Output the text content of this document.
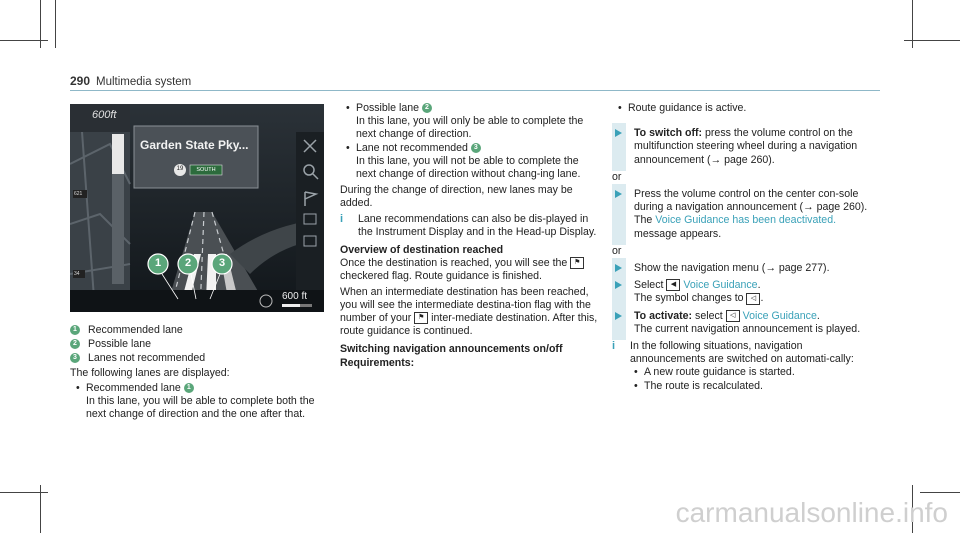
290 Multimedia system
600ft
Garden State Pky...
19	SOUTH
621
34
600 ft
1 2	3
1 Recommended lane
2 Possible lane
3 Lanes not recommended

The following lanes are displayed:

• Recommended lane 1
In this lane, you will be able to complete both the next change of direction and the one after that.
• Possible lane 2
In this lane, you will only be able to complete the next change of direction.
• Lane not recommended 3
In this lane, you will not be able to complete the next change of direction without chang-ing lane.

During the change of direction, new lanes may be added.

i Lane recommendations can also be dis-played in the Instrument Display and in the Head-up Display.
Overview of destination reached

Once the destination is reached, you will see the ⚑ checkered flag. Route guidance is finished.

When an intermediate destination has been reached, you will see the intermediate destina-tion flag with the number of your ⚑ inter-mediate destination. After this, route guidance is continued.

Switching navigation announcements on/off
Requirements:
• Route guidance is active.
To switch off: press the volume control on the multifunction steering wheel during a navigation announcement (→ page 260).

or

Press the volume control on the center con-sole during a navigation announcement (→ page 260).
The Voice Guidance has been deactivated.
message appears.

or

Show the navigation menu (→ page 277).
Select ◀ Voice Guidance.
The symbol changes to ◁ .
To activate: select ◁ Voice Guidance.
The current navigation announcement is played.
i In the following situations, navigation announcements are switched on automati-cally:
• A new route guidance is started.
• The route is recalculated.
carmanualsonline.info
